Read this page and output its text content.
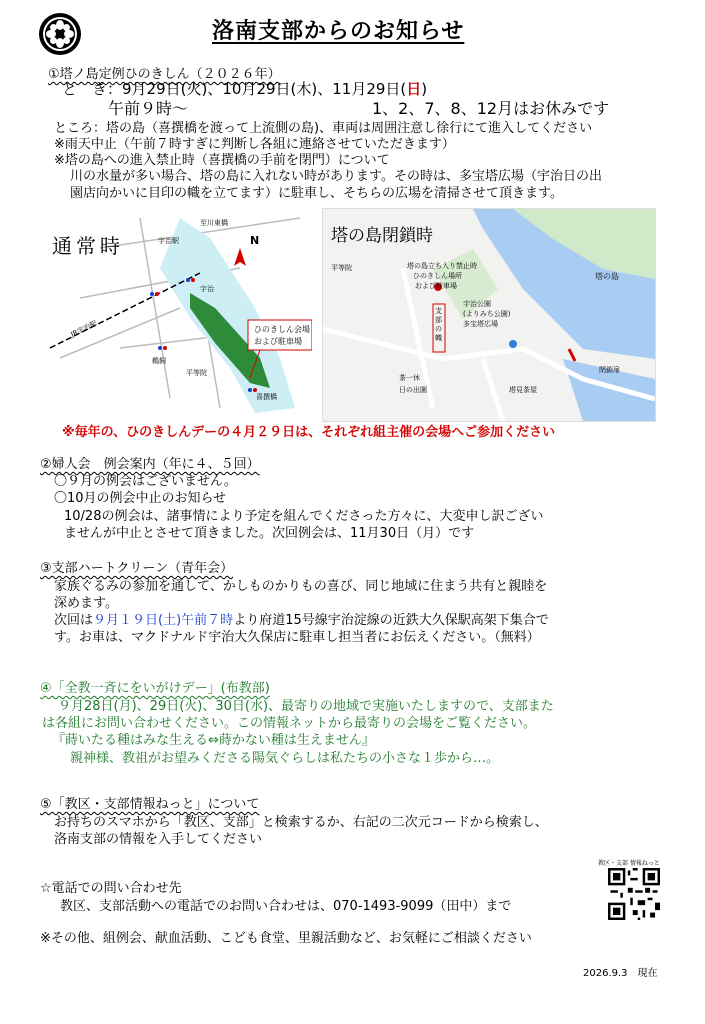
洛南支部からのお知らせ
①塔ノ島定例ひのきしん（２０２６年）
と　き：9月29日(火)、10月29日(木)、11月29日(日)
午前９時～	1、2、7、8、12月はお休みです
ところ：塔の島（喜撰橋を渡って上流側の島)、車両は周囲注意し徐行にて進入してください
※雨天中止（午前７時すぎに判断し各組に連絡させていただきます）
※塔の島への進入禁止時（喜撰橋の手前を閉門）について
川の水量が多い場合、塔の島に入れない時があります。その時は、多宝塔広場（宇治日の出
園店向かいに目印の幟を立てます）に駐車し、そちらの広場を清掃させて頂きます。
通常時	N
ひのきしん会場
および駐車場
JR宇治駅
喜撰橋
平等院
宇治
鵜飼
宇治駅
至川東橋
塔の島閉鎖時
平等院
塔の島
塔の島立ち入り禁止時
ひのきしん場所
および駐車場
宇治公園
(よりみち公園)
多宝塔広場
支部の幟
茶一休
日の出園
閉鎖扉
塔見茶屋
※毎年の、ひのきしんデーの４月２９日は、それぞれ組主催の会場へご参加ください
②婦人会　例会案内（年に４、５回）
〇９月の例会はございません。
〇10月の例会中止のお知らせ
10/28の例会は、諸事情により予定を組んでくださった方々に、大変申し訳ござい
ませんが中止とさせて頂きました。次回例会は、11月30日（月）です
③支部ハートクリーン（青年会）
家族ぐるみの参加を通して、かしものかりもの喜び、同じ地域に住まう共有と親睦を
深めます。
次回は９月１９日(土)午前７時より府道15号線宇治淀線の近鉄大久保駅高架下集合で
す。お車は、マクドナルド宇治大久保店に駐車し担当者にお伝えください。（無料）
④「全教一斉にをいがけデー」(布教部)
９月28日(月)、29日(火)、30日(水)、最寄りの地域で実施いたしますので、支部また
は各組にお問い合わせください。この情報ネットから最寄りの会場をご覧ください。
『蒔いたる種はみな生える⇔蒔かない種は生えません』
親神様、教祖がお望みくださる陽気ぐらしは私たちの小さな１歩から…。
⑤「教区・支部情報ねっと」について
お持ちのスマホから「教区、支部」と検索するか、右記の二次元コードから検索し、
洛南支部の情報を入手してください
☆電話での問い合わせ先
教区、支部活動への電話でのお問い合わせは、070-1493-9099（田中）まで
※その他、組例会、献血活動、こども食堂、里親活動など、お気軽にご相談ください
教区・支部 情報ねっと
2026.9.3　現在
